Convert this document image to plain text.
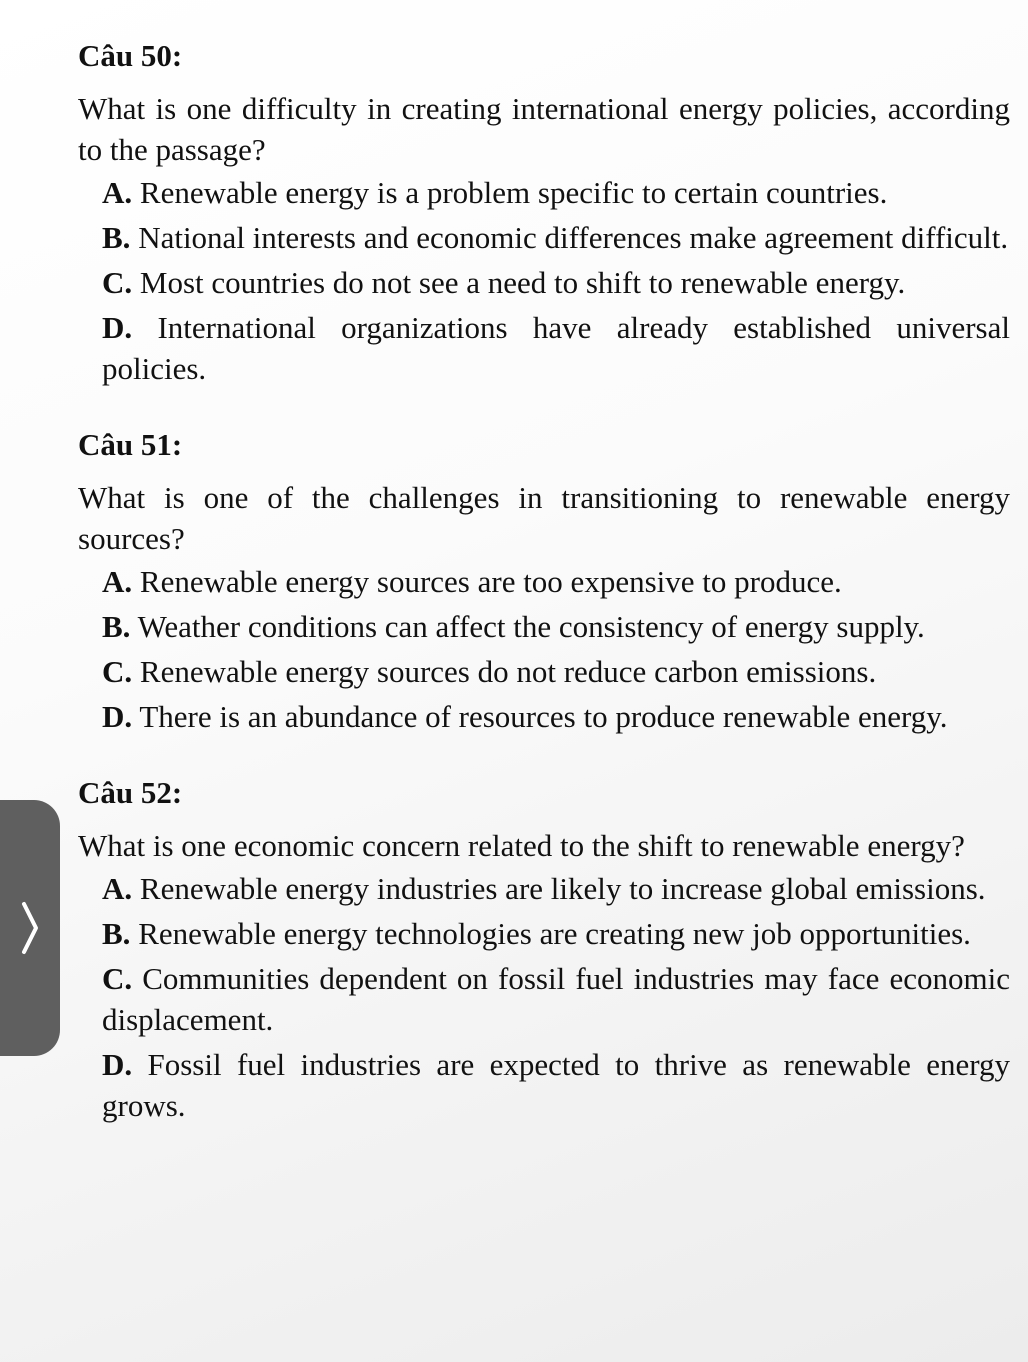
Câu 50:

What is one difficulty in creating international energy policies, according to the passage?

A. Renewable energy is a problem specific to certain countries.

B. National interests and economic differences make agreement difficult.

C. Most countries do not see a need to shift to renewable energy.

D. International organizations have already established universal policies.

Câu 51:

What is one of the challenges in transitioning to renewable energy sources?

A. Renewable energy sources are too expensive to produce.

B. Weather conditions can affect the consistency of energy supply.

C. Renewable energy sources do not reduce carbon emissions.

D. There is an abundance of resources to produce renewable energy.

Câu 52:

What is one economic concern related to the shift to renewable energy?

A. Renewable energy industries are likely to increase global emissions.

B. Renewable energy technologies are creating new job opportunities.

C. Communities dependent on fossil fuel industries may face economic displacement.

D. Fossil fuel industries are expected to thrive as renewable energy grows.
